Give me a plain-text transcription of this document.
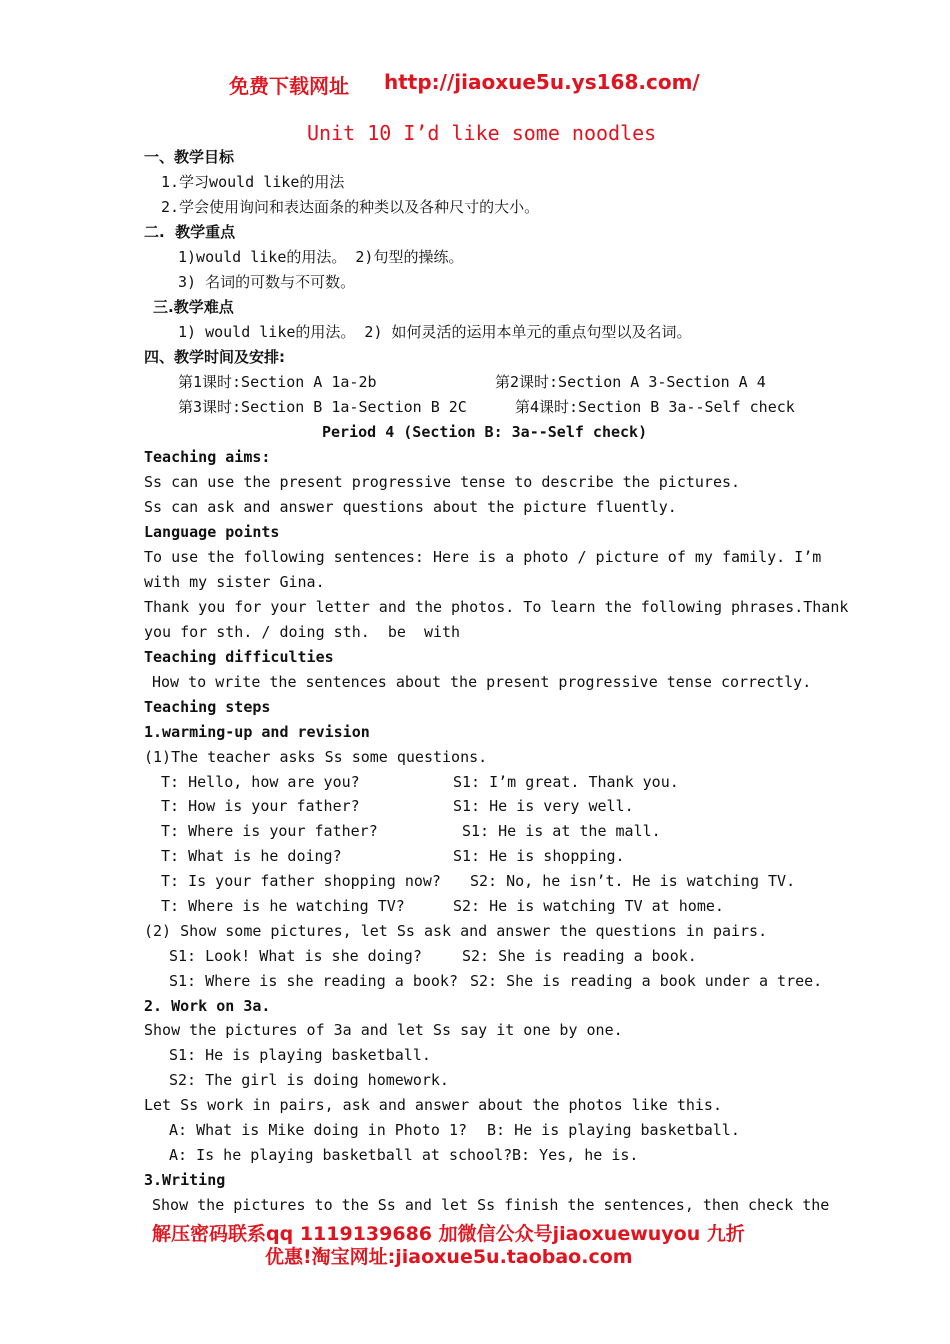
免费下载网址 http://jiaoxue5u.ys168.com/
Unit 10 I’d like some noodles
一、教学目标
1.学习would like的用法
2.学会使用询问和表达面条的种类以及各种尺寸的大小。
二.  教学重点
1)would like的用法。 2)句型的操练。
3) 名词的可数与不可数。
三.教学难点
1) would like的用法。 2) 如何灵活的运用本单元的重点句型以及名词。
四、教学时间及安排:
第1课时:Section A 1a-2b	第2课时:Section A 3-Section A 4
第3课时:Section B 1a-Section B 2C	第4课时:Section B 3a--Self check
Period 4 (Section B: 3a--Self check)
Teaching aims:
Ss can use the present progressive tense to describe the pictures.
Ss can ask and answer questions about the picture fluently.
Language points
To use the following sentences: Here is a photo / picture of my family. I’m
with my sister Gina.
Thank you for your letter and the photos. To learn the following phrases.Thank
you for sth. / doing sth.  be  with
Teaching difficulties
How to write the sentences about the present progressive tense correctly.
Teaching steps
1.warming-up and revision
(1)The teacher asks Ss some questions.
T: Hello, how are you?	S1: I’m great. Thank you.
T: How is your father?	S1: He is very well.
T: Where is your father?	S1: He is at the mall.
T: What is he doing?	S1: He is shopping.
T: Is your father shopping now? S2: No, he isn’t. He is watching TV.
T: Where is he watching TV?	S2: He is watching TV at home.
(2) Show some pictures, let Ss ask and answer the questions in pairs.
S1: Look! What is she doing?	S2: She is reading a book.
S1: Where is she reading a book? S2: She is reading a book under a tree.
2. Work on 3a.
Show the pictures of 3a and let Ss say it one by one.
S1: He is playing basketball.
S2: The girl is doing homework.
Let Ss work in pairs, ask and answer about the photos like this.
A: What is Mike doing in Photo 1? B: He is playing basketball.
A: Is he playing basketball at school? B: Yes, he is.
3.Writing
Show the pictures to the Ss and let Ss finish the sentences, then check the
解压密码联系qq 1119139686 加微信公众号jiaoxuewuyou 九折
优惠!淘宝网址:jiaoxue5u.taobao.com
